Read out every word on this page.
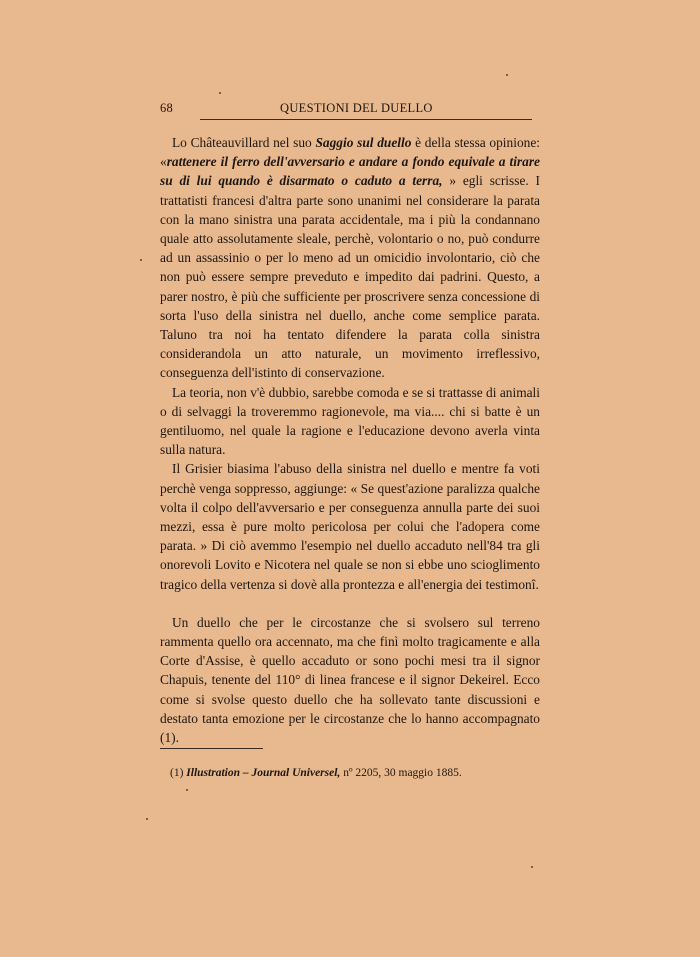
68	QUESTIONI DEL DUELLO

Lo Châteauvillard nel suo Saggio sul duello è della stessa opinione: «rattenere il ferro dell'avversario e andare a fondo equivale a tirare su di lui quando è disarmato o caduto a terra, » egli scrisse. I trattatisti francesi d'altra parte sono unanimi nel considerare la parata con la mano sinistra una parata accidentale, ma i più la condannano quale atto assolutamente sleale, perchè, volontario o no, può condurre ad un assassinio o per lo meno ad un omicidio involontario, ciò che non può essere sempre preveduto e impedito dai padrini. Questo, a parer nostro, è più che sufficiente per proscrivere senza concessione di sorta l'uso della sinistra nel duello, anche come semplice parata. Taluno tra noi ha tentato difendere la parata colla sinistra considerandola un atto naturale, un movimento irreflessivo, conseguenza dell'istinto di conservazione.

La teoria, non v'è dubbio, sarebbe comoda e se si trattasse di animali o di selvaggi la troveremmo ragionevole, ma via.... chi si batte è un gentiluomo, nel quale la ragione e l'educazione devono averla vinta sulla natura.

Il Grisier biasima l'abuso della sinistra nel duello e mentre fa voti perchè venga soppresso, aggiunge: « Se quest'azione paralizza qualche volta il colpo dell'avversario e per conseguenza annulla parte dei suoi mezzi, essa è pure molto pericolosa per colui che l'adopera come parata. » Di ciò avemmo l'esempio nel duello accaduto nell'84 tra gli onorevoli Lovito e Nicotera nel quale se non si ebbe uno scioglimento tragico della vertenza si dovè alla prontezza e all'energia dei testimonî.

Un duello che per le circostanze che si svolsero sul terreno rammenta quello ora accennato, ma che finì molto tragicamente e alla Corte d'Assise, è quello accaduto or sono pochi mesi tra il signor Chapuis, tenente del 110° di linea francese e il signor Dekeirel. Ecco come si svolse questo duello che ha sollevato tante discussioni e destato tanta emozione per le circostanze che lo hanno accompagnato (1).

(1) Illustration – Journal Universel, nº 2205, 30 maggio 1885.
